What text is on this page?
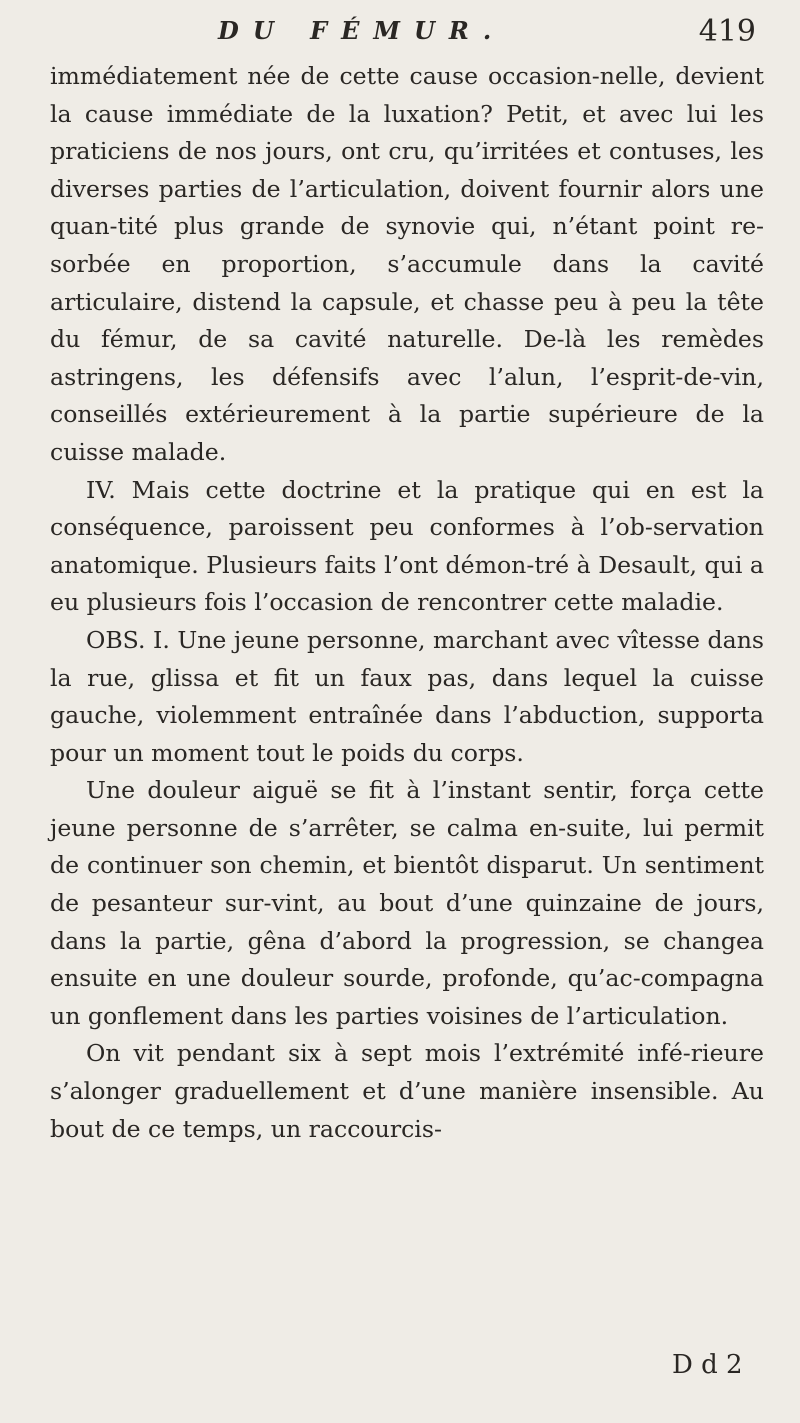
DU FÉMUR.	419

immédiatement née de cette cause occasion-nelle, devient la cause immédiate de la luxation? Petit, et avec lui les praticiens de nos jours, ont cru, qu’irritées et contuses, les diverses parties de l’articulation, doivent fournir alors une quan-tité plus grande de synovie qui, n’étant point re-sorbée en proportion, s’accumule dans la cavité articulaire, distend la capsule, et chasse peu à peu la tête du fémur, de sa cavité naturelle. De-là les remèdes astringens, les défensifs avec l’alun, l’esprit-de-vin, conseillés extérieurement à la partie supérieure de la cuisse malade.

IV. Mais cette doctrine et la pratique qui en est la conséquence, paroissent peu conformes à l’ob-servation anatomique. Plusieurs faits l’ont démon-tré à Desault, qui a eu plusieurs fois l’occasion de rencontrer cette maladie.

OBS. I. Une jeune personne, marchant avec vîtesse dans la rue, glissa et fit un faux pas, dans lequel la cuisse gauche, violemment entraînée dans l’abduction, supporta pour un moment tout le poids du corps.

Une douleur aiguë se fit à l’instant sentir, força cette jeune personne de s’arrêter, se calma en-suite, lui permit de continuer son chemin, et bientôt disparut. Un sentiment de pesanteur sur-vint, au bout d’une quinzaine de jours, dans la partie, gêna d’abord la progression, se changea ensuite en une douleur sourde, profonde, qu’ac-compagna un gonflement dans les parties voisines de l’articulation.

On vit pendant six à sept mois l’extrémité infé-rieure s’alonger graduellement et d’une manière insensible. Au bout de ce temps, un raccourcis-

D d 2
